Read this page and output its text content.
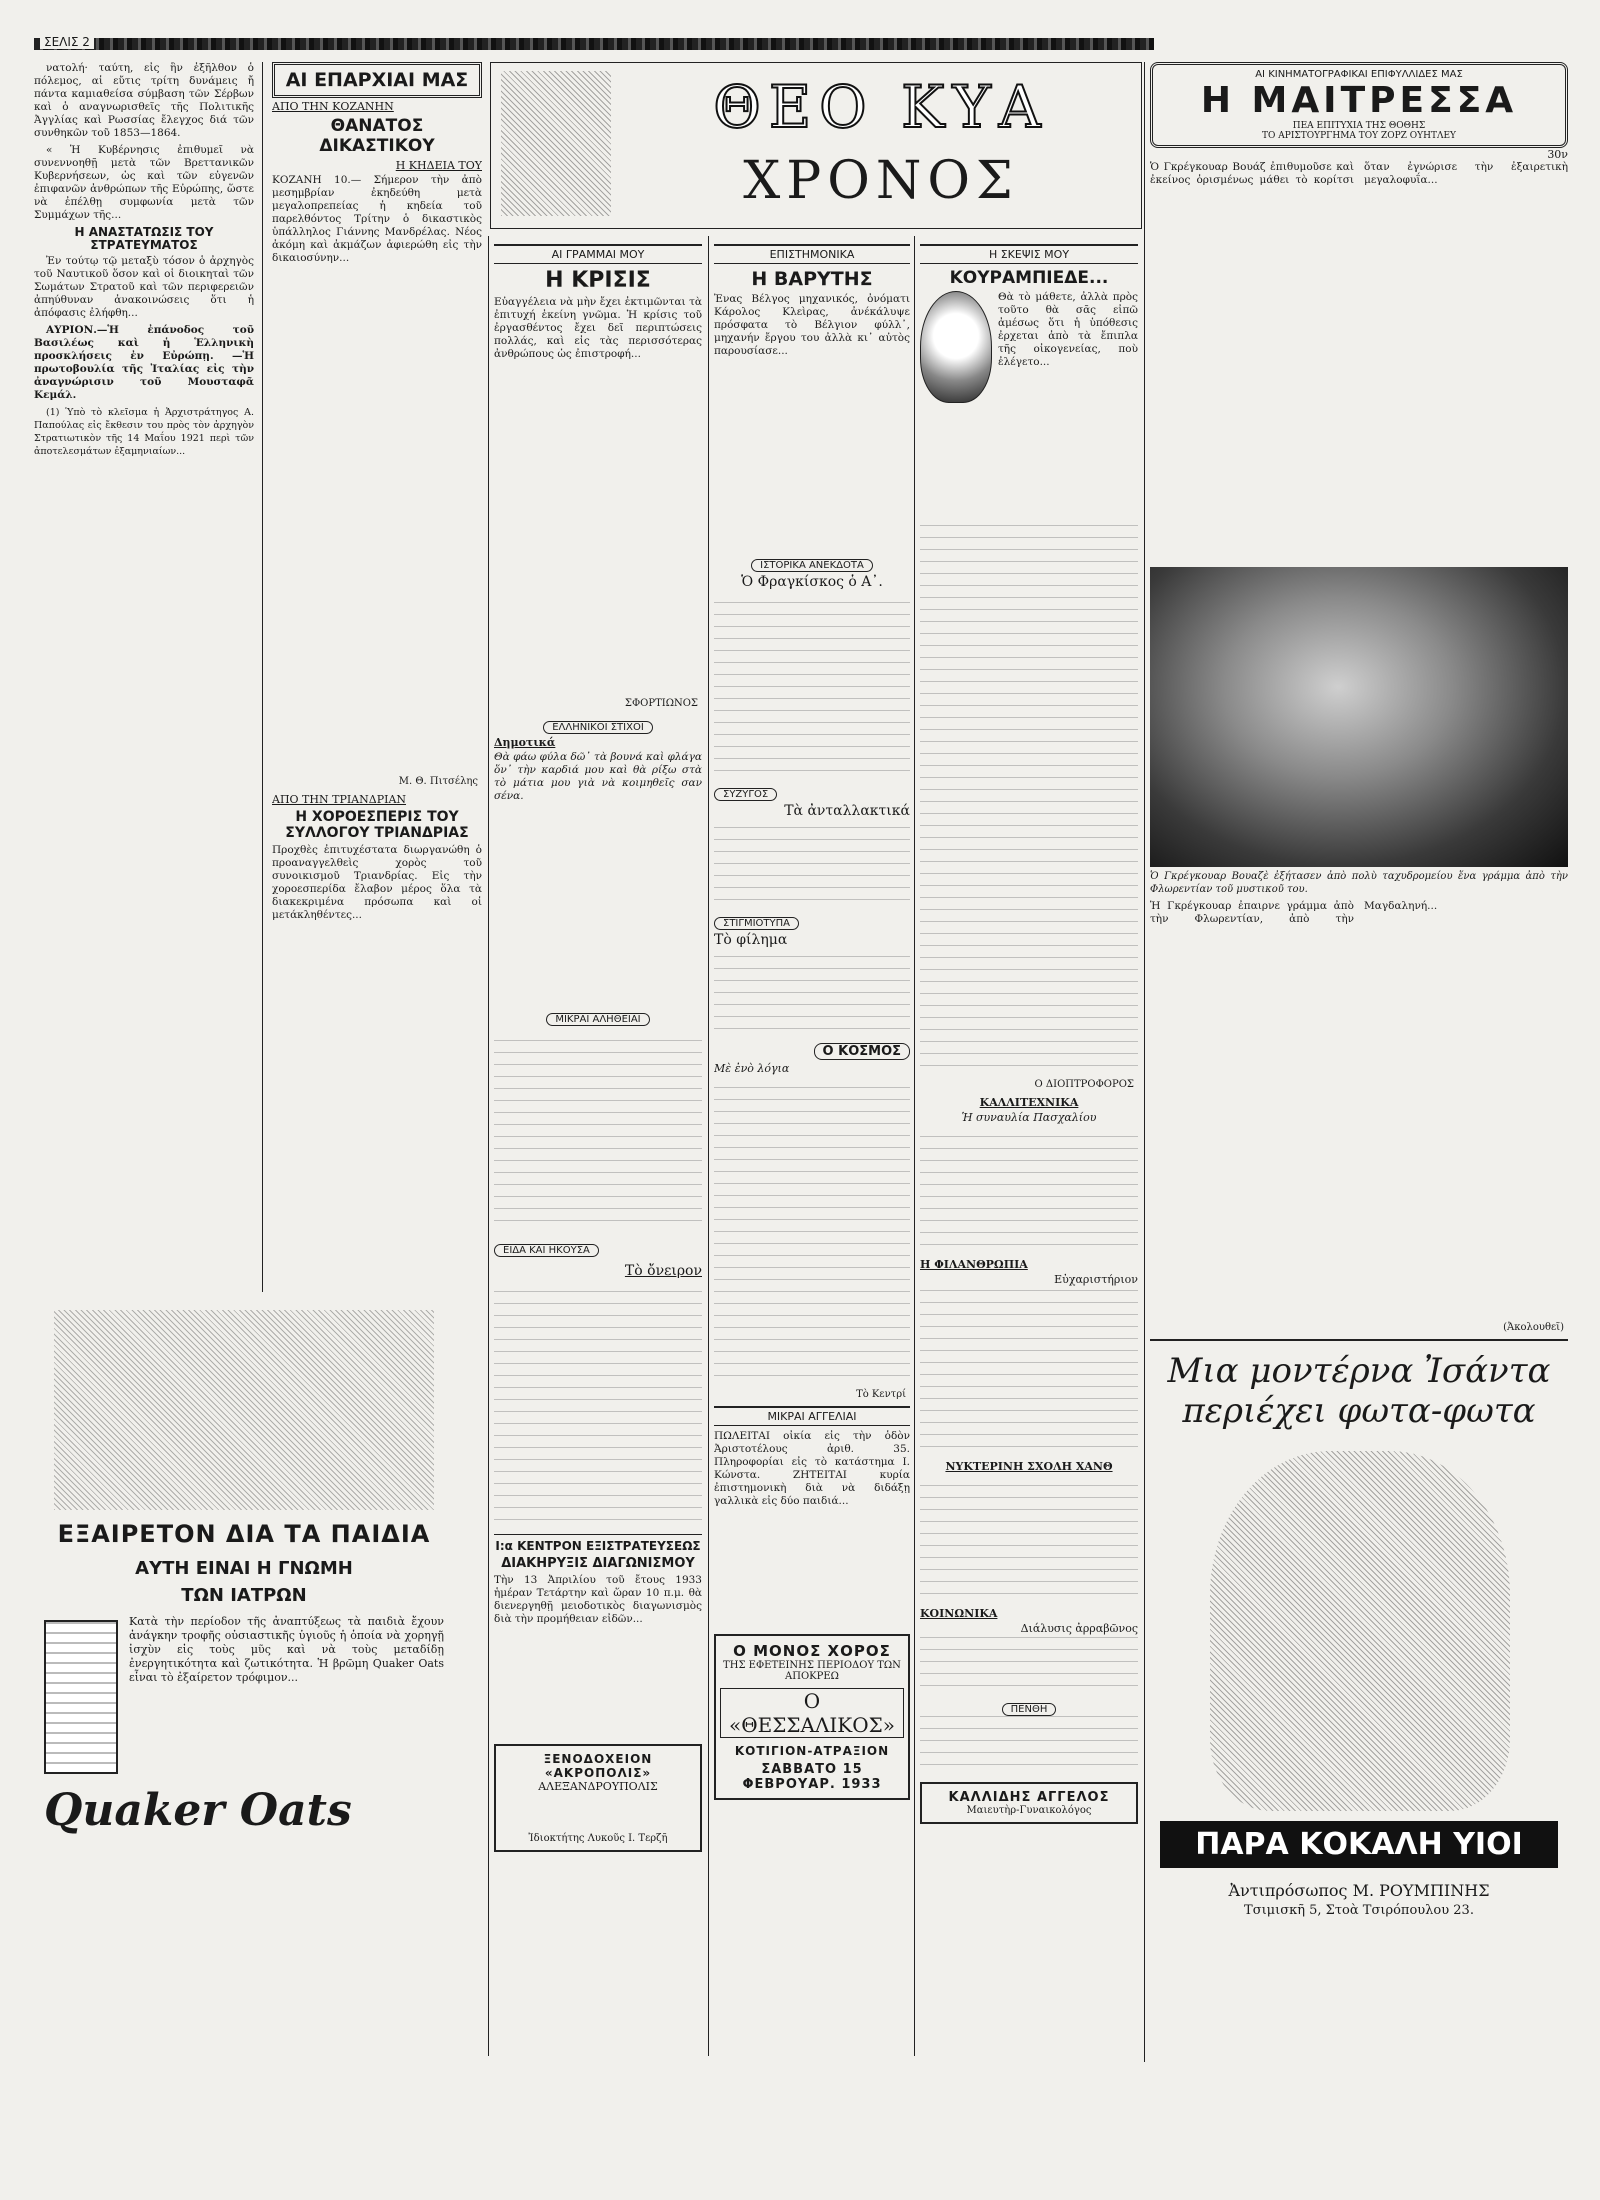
ΣΕΛΙΣ 2

νατολή· ταύτη, εἰς ἣν ἐξῆλθον ὁ πόλεμος, αἱ εὔτις τρίτη δυνάμεις ἤ πάντα καμιαθείσα σύμβαση τῶν Σέρβων καὶ ὁ αναγνωρισθεῖς τῆς Πολιτικῆς Ἀγγλίας καὶ Ρωσσίας ἔλεγχος διά τῶν συνθηκῶν τοῦ 1853—1864.

« Ἡ Κυβέρνησις ἐπιθυμεῖ νὰ συνεννοηθῇ μετὰ τῶν Βρεττανικῶν Κυβερνήσεων, ὡς καὶ τῶν εὐγενῶν ἐπιφανῶν ἀνθρώπων τῆς Εὐρώπης, ὥστε νὰ ἐπέλθῃ συμφωνία μετὰ τῶν Συμμάχων τῆς...

Η ΑΝΑΣΤΑΤΩΣΙΣ ΤΟΥ ΣΤΡΑΤΕΥΜΑΤΟΣ

Ἐν τούτῳ τῷ μεταξὺ τόσον ὁ ἀρχηγὸς τοῦ Ναυτικοῦ ὅσον καὶ οἱ διοικηταὶ τῶν Σωμάτων Στρατοῦ καὶ τῶν περιφερειῶν ἀπηύθυναν ἀνακοινώσεις ὅτι ἡ ἀπόφασις ἐλήφθη...

ΑΥΡΙΟΝ.—Ἡ ἐπάνοδος τοῦ Βασιλέως καὶ ἡ Ἑλληνικὴ προσκλήσεις ἐν Εὐρώπῃ. —Ἡ πρωτοβουλία τῆς Ἰταλίας εἰς τὴν ἀναγνώρισιν τοῦ Μουσταφᾶ Κεμάλ.

(1) Ὑπὸ τὸ κλεῖσμα ἡ Ἀρχιστράτηγος Α. Παπούλας εἰς ἔκθεσιν του πρὸς τὸν ἀρχηγὸν Στρατιωτικὸν τῆς 14 Μαΐου 1921 περὶ τῶν ἀποτελεσμάτων ἐξαμηνιαίων...

ΕΞΑΙΡΕΤΟΝ ΔΙΑ ΤΑ ΠΑΙΔΙΑ
ΑΥΤΗ ΕΙΝΑΙ Η ΓΝΩΜΗ
ΤΩΝ ΙΑΤΡΩΝ
Κατὰ τὴν περίοδον τῆς ἀναπτύξεως τὰ παιδιὰ ἔχουν ἀνάγκην τροφῆς οὐσιαστικῆς ὑγιοῦς ἡ ὁποία νὰ χορηγῇ ἰσχὺν εἰς τοὺς μῦς καὶ νὰ τοὺς μεταδίδῃ ἐνεργητικότητα καὶ ζωτικότητα. Ἡ βρῶμη Quaker Oats εἶναι τὸ ἐξαίρετον τρόφιμον...
Quaker Oats
ΑΙ ΕΠΑΡΧΙΑΙ ΜΑΣ
ΑΠΟ ΤΗΝ ΚΟΖΑΝΗΝ
ΘΑΝΑΤΟΣ ΔΙΚΑΣΤΙΚΟΥ
Η ΚΗΔΕΙΑ ΤΟΥ
ΚΟΖΑΝΗ 10.— Σήμερον τὴν ἀπὸ μεσημβρίαν ἐκηδεύθη μετὰ μεγαλοπρεπείας ἡ κηδεία τοῦ παρελθόντος Τρίτην ὁ δικαστικὸς ὑπάλληλος Γιάννης Μανδρέλας. Νέος ἀκόμη καὶ ἀκμάζων ἀφιερώθη εἰς τὴν δικαιοσύνην...
Μ. Θ. Πιτσέλης
ΑΠΟ ΤΗΝ ΤΡΙΑΝΔΡΙΑΝ
Η ΧΟΡΟΕΣΠΕΡΙΣ ΤΟΥ ΣΥΛΛΟΓΟΥ ΤΡΙΑΝΔΡΙΑΣ
Προχθὲς ἐπιτυχέστατα διωργανώθη ὁ προαναγγελθεὶς χορὸς τοῦ συνοικισμοῦ Τριανδρίας. Εἰς τὴν χοροεσπερίδα ἔλαβον μέρος ὅλα τὰ διακεκριμένα πρόσωπα καὶ οἱ μετάκληθέντες...
ΘΕΟ ΚΥΑ
ΧΡΟΝΟΣ
ΑΙ ΓΡΑΜΜΑΙ ΜΟΥ
Η ΚΡΙΣΙΣ
Εὐαγγέλεια νὰ μὴν ἔχει ἐκτιμῶνται τὰ ἐπιτυχή ἐκείνη γνῶμα. Ἡ κρίσις τοῦ ἐργασθέντος ἔχει δεῖ περιπτώσεις πολλάς, καὶ εἰς τὰς περισσότερας ἀνθρώπους ὡς ἐπιστροφή...
ΣΦΟΡΤΙΩΝΟΣ
ΕΛΛΗΝΙΚΟΙ ΣΤΙΧΟΙ
Δημοτικά
Θὰ φάω φύλα δῶ᾽ τὰ βουνά καὶ φλάγα ὅν᾽ τὴν καρδιά μου καὶ θὰ ρίξω στὰ τὸ μάτια μου γιὰ νὰ κοιμηθεῖς σαν σένα.
ΜΙΚΡΑΙ ΑΛΗΘΕΙΑΙ
ΕΙΔΑ ΚΑΙ ΗΚΟΥΣΑ
Τὸ ὄνειρον
Ι:α ΚΕΝΤΡΟΝ ΕΞΙΣΤΡΑΤΕΥΣΕΩΣ
ΔΙΑΚΗΡΥΞΙΣ ΔΙΑΓΩΝΙΣΜΟΥ
Τὴν 13 Ἀπριλίου τοῦ ἔτους 1933 ἡμέραν Τετάρτην καὶ ὥραν 10 π.μ. θὰ διενεργηθῇ μειοδοτικὸς διαγωνισμὸς διὰ τὴν προμήθειαν εἰδῶν...
ΞΕΝΟΔΟΧΕΙΟΝ «ΑΚΡΟΠΟΛΙΣ»
ΑΛΕΞΑΝΔΡΟΥΠΟΛΙΣ
Ἰδιοκτήτης Λυκοῦς Ι. Τερζῆ
ΕΠΙΣΤΗΜΟΝΙΚΑ
Η ΒΑΡΥΤΗΣ
Ἐνας Βέλγος μηχανικός, ὀνόματι Κάρολος Κλεὶρας, ἀνέκάλυψε πρόσφατα τὸ Βέλγιον φύλλ᾽, μηχανήν ἔργου του ἀλλὰ κι᾽ αὐτὸς παρουσίασε...
ΙΣΤΟΡΙΚΑ ΑΝΕΚΔΟΤΑ
Ὁ Φραγκίσκος ὁ Α᾽.
ΣΥΖΥΓΟΣ
Τὰ ἀνταλλακτικά
ΣΤΙΓΜΙΟΤΥΠΑ
Τὸ φίλημα
Ο ΚΟΣΜΟΣ
Μὲ ἐνὸ λόγια
Τὸ Κεντρί
ΜΙΚΡΑΙ ΑΓΓΕΛΙΑΙ
ΠΩΛΕΙΤΑΙ οἰκία εἰς τὴν ὁδὸν Ἀριστοτέλους ἀριθ. 35. Πληροφορίαι εἰς τὸ κατάστημα Ι. Κώνστα. ΖΗΤΕΙΤΑΙ κυρία ἐπιστημονικὴ διὰ νὰ διδάξῃ γαλλικὰ εἰς δύο παιδιά...
Ο ΜΟΝΟΣ ΧΟΡΟΣ
ΤΗΣ ΕΦΕΤΕΙΝΗΣ ΠΕΡΙΟΔΟΥ ΤΩΝ ΑΠΟΚΡΕΩ
Ο «ΘΕΣΣΑΛΙΚΟΣ»
ΚΟΤΙΓΙΟΝ-ΑΤΡΑΞΙΟΝ
ΣΑΒΒΑΤΟ 15 ΦΕΒΡΟΥΑΡ. 1933
Η ΣΚΕΨΙΣ ΜΟΥ
ΚΟΥΡΑΜΠΙΕΔΕ...
Θὰ τὸ μάθετε, ἀλλὰ πρὸς τοῦτο θὰ σᾶς εἰπῶ ἀμέσως ὅτι ἡ ὑπόθεσις ἐρχεται ἀπὸ τὰ ἔπιπλα τῆς οἰκογενείας, ποὺ ἐλέγετο...
Ο ΔΙΟΠΤΡΟΦΟΡΟΣ
ΚΑΛΛΙΤΕΧΝΙΚΑ
Ἡ συναυλία Πασχαλίου
Η ΦΙΛΑΝΘΡΩΠΙΑ
Εὐχαριστήριον
ΝΥΚΤΕΡΙΝΗ ΣΧΟΛΗ ΧΑΝΘ
ΚΟΙΝΩΝΙΚΑ
Διάλυσις ἀρραβῶνος
ΠΕΝΘΗ
ΚΑΛΛΙΔΗΣ ΑΓΓΕΛΟΣ
Μαιευτὴρ-Γυναικολόγος
ΑΙ ΚΙΝΗΜΑΤΟΓΡΑΦΙΚΑΙ ΕΠΙΦΥΛΛΙΔΕΣ ΜΑΣ
Η ΜΑΙΤΡΕΣΣΑ
ΠΕΑ ΕΠΙΤΥΧΙΑ ΤΗΣ ΘΟΘΗΣ
ΤΟ ΑΡΙΣΤΟΥΡΓΗΜΑ ΤΟΥ ΖΟΡΖ ΟΥΗΤΛΕΥ
30ν
Ὁ Γκρέγκουαρ Βουάζ ἐπιθυμοῦσε καὶ ἐκείνος ὁρισμένως μάθει τὸ κορίτσι ὅταν ἐγνώρισε τὴν ἐξαιρετικὴ μεγαλοφυΐα...
Ὁ Γκρέγκουαρ Βουαζὲ ἐξήτασεν ἀπὸ πολὺ ταχυδρομείου ἕνα γράμμα ἀπὸ τὴν Φλωρεντίαν τοῦ μυστικοῦ του.
Ἡ Γκρέγκουαρ ἐπαιρνε γράμμα ἀπὸ τὴν Φλωρεντίαν, ἀπὸ τὴν Μαγδαληνή...
(Ἀκολουθεῖ)
Μια μοντέρνα Ἰσάντα περιέχει φωτα-φωτα
ΠΑΡΑ ΚΟΚΑΛΗ ΥΙΟΙ
Ἀντιπρόσωπος Μ. ΡΟΥΜΠΙΝΗΣ
Τσιμισκῆ 5, Στοὰ Τσιρόπουλου 23.
